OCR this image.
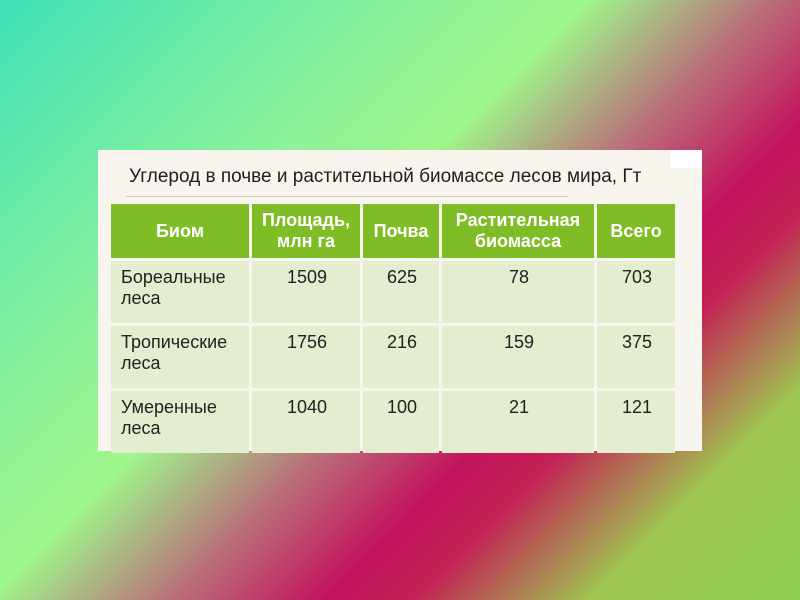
Углерод в почве и растительной биомассе лесов мира, Гт
Биом	Площадь, млн га	Почва	Растительная биомасса	Всего
Бореальные леса	1509	625	78	703
Тропические леса	1756	216	159	375
Умеренные леса	1040	100	21	121
